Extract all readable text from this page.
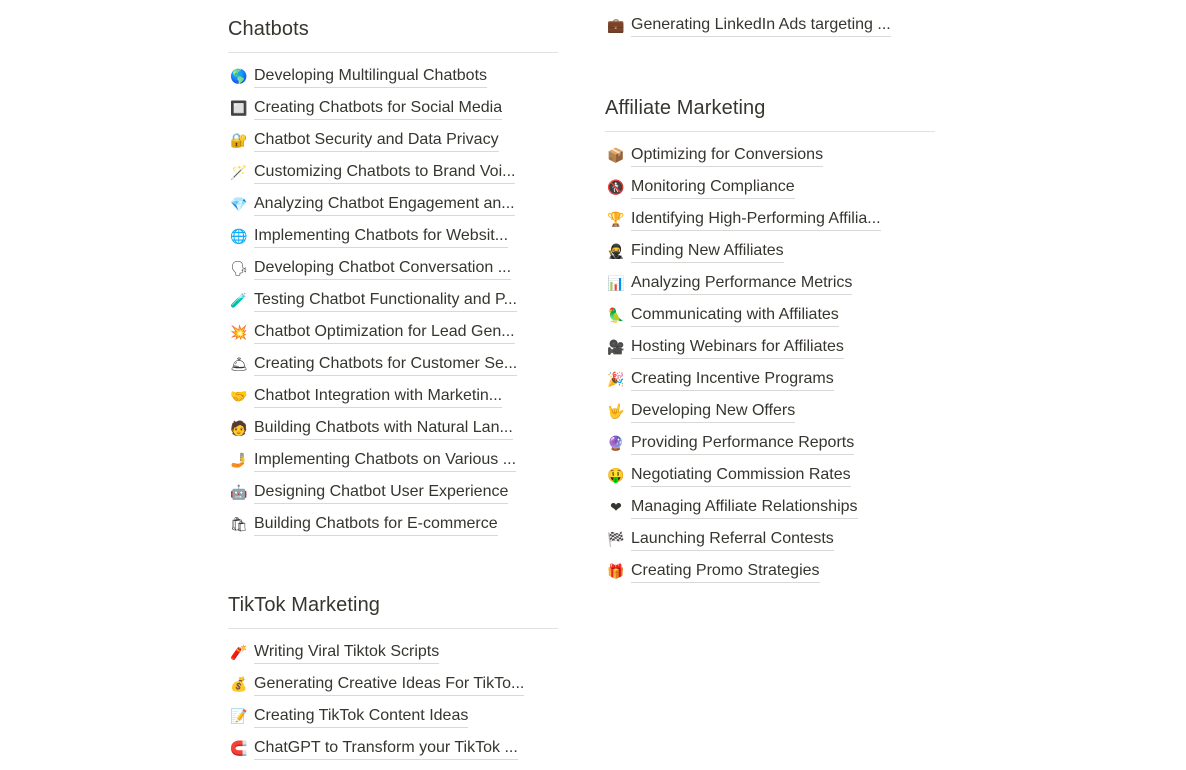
Chatbots
🌎 Developing Multilingual Chatbots
🔲 Creating Chatbots for Social Media
🔐 Chatbot Security and Data Privacy
🪄 Customizing Chatbots to Brand Voi...
💎 Analyzing Chatbot Engagement an...
🌐 Implementing Chatbots for Websit...
🗣 Developing Chatbot Conversation ...
🧪 Testing Chatbot Functionality and P...
💥 Chatbot Optimization for Lead Gen...
🛎 Creating Chatbots for Customer Se...
🤝 Chatbot Integration with Marketin...
🧑 Building Chatbots with Natural Lan...
🤳 Implementing Chatbots on Various ...
🤖 Designing Chatbot User Experience
🛍 Building Chatbots for E-commerce
TikTok Marketing
🧨 Writing Viral Tiktok Scripts
💰 Generating Creative Ideas For TikTo...
📝 Creating TikTok Content Ideas
🧲 ChatGPT to Transform your TikTok ...
💼 Generating LinkedIn Ads targeting ...
Affiliate Marketing
📦 Optimizing for Conversions
🚷 Monitoring Compliance
🏆 Identifying High-Performing Affilia...
🥷 Finding New Affiliates
📊 Analyzing Performance Metrics
🦜 Communicating with Affiliates
🎥 Hosting Webinars for Affiliates
🎉 Creating Incentive Programs
🤟 Developing New Offers
🔮 Providing Performance Reports
🤑 Negotiating Commission Rates
❤ Managing Affiliate Relationships
🏁 Launching Referral Contests
🎁 Creating Promo Strategies
